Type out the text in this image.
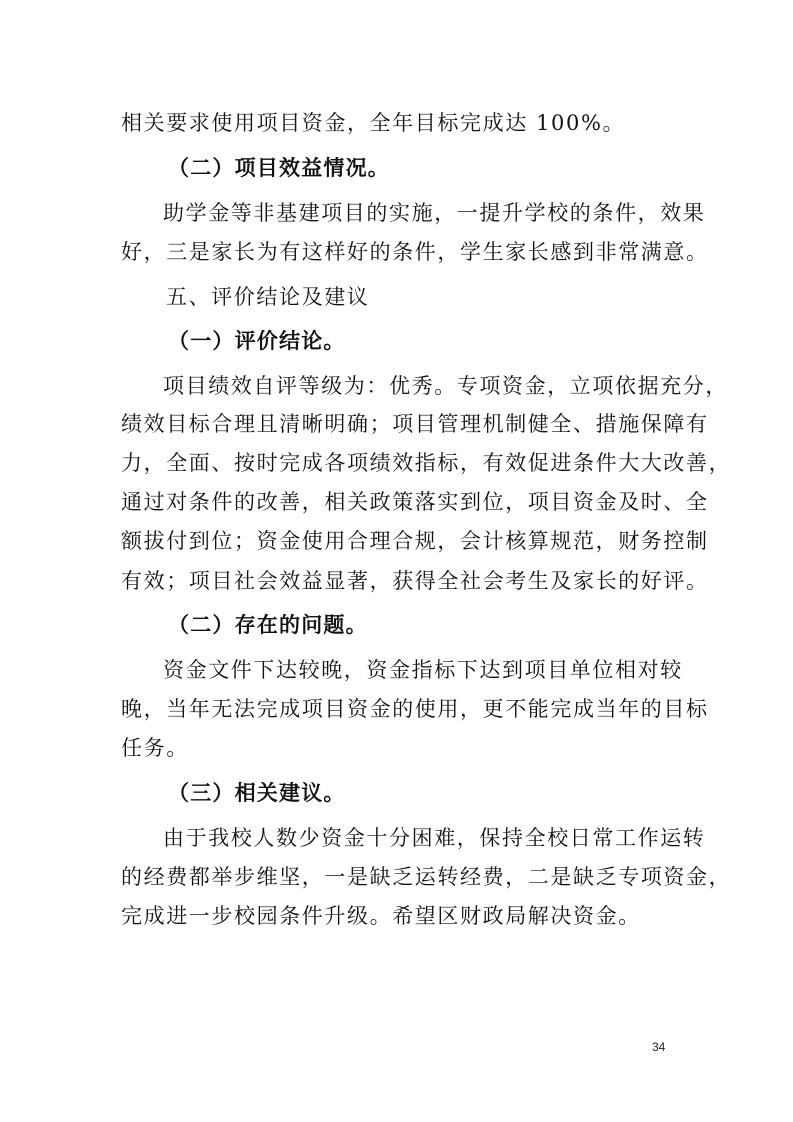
相关要求使用项目资金，全年目标完成达 100%。
（二）项目效益情况。
助学金等非基建项目的实施，一提升学校的条件，效果
好，三是家长为有这样好的条件，学生家长感到非常满意。
五、评价结论及建议
（一）评价结论。
项目绩效自评等级为：优秀。专项资金，立项依据充分，
绩效目标合理且清晰明确；项目管理机制健全、措施保障有
力，全面、按时完成各项绩效指标，有效促进条件大大改善，
通过对条件的改善，相关政策落实到位，项目资金及时、全
额拔付到位；资金使用合理合规，会计核算规范，财务控制
有效；项目社会效益显著，获得全社会考生及家长的好评。
（二）存在的问题。
资金文件下达较晚，资金指标下达到项目单位相对较
晚，当年无法完成项目资金的使用，更不能完成当年的目标
任务。
（三）相关建议。
由于我校人数少资金十分困难，保持全校日常工作运转
的经费都举步维坚，一是缺乏运转经费，二是缺乏专项资金，
完成进一步校园条件升级。希望区财政局解决资金。
34
